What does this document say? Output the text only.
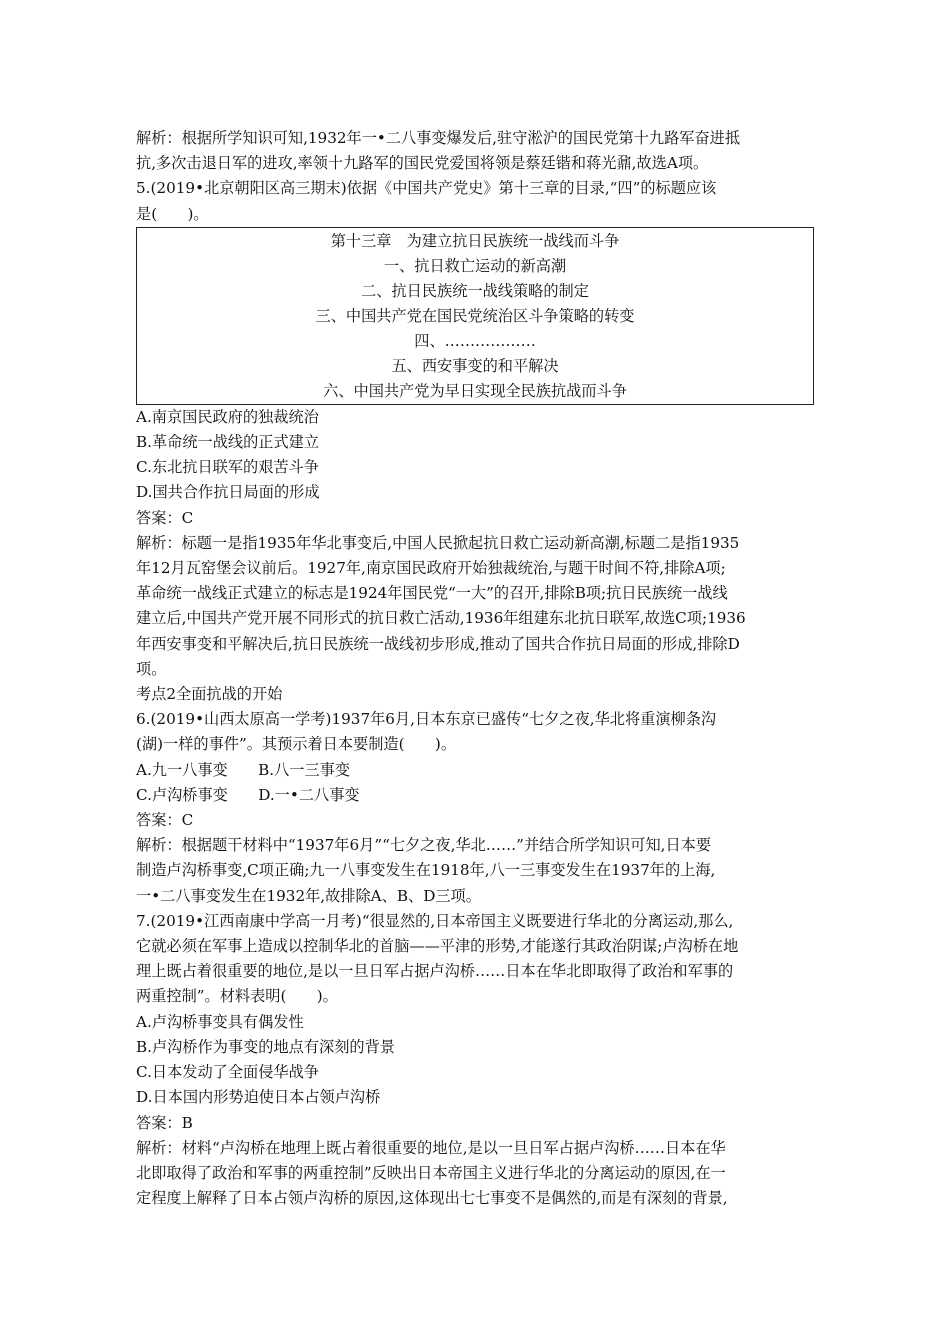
解析：根据所学知识可知,1932年一•二八事变爆发后,驻守淞沪的国民党第十九路军奋进抵
抗,多次击退日军的进攻,率领十九路军的国民党爱国将领是蔡廷锴和蒋光鼐,故选A项。
5.(2019•北京朝阳区高三期末)依据《中国共产党史》第十三章的目录,“四”的标题应该
是(　　)。
第十三章　为建立抗日民族统一战线而斗争
一、抗日救亡运动的新高潮
二、抗日民族统一战线策略的制定
三、中国共产党在国民党统治区斗争策略的转变
四、………………
五、西安事变的和平解决
六、中国共产党为早日实现全民族抗战而斗争
A.南京国民政府的独裁统治
B.革命统一战线的正式建立
C.东北抗日联军的艰苦斗争
D.国共合作抗日局面的形成
答案：C
解析：标题一是指1935年华北事变后,中国人民掀起抗日救亡运动新高潮,标题二是指1935
年12月瓦窑堡会议前后。1927年,南京国民政府开始独裁统治,与题干时间不符,排除A项;
革命统一战线正式建立的标志是1924年国民党“一大”的召开,排除B项;抗日民族统一战线
建立后,中国共产党开展不同形式的抗日救亡活动,1936年组建东北抗日联军,故选C项;1936
年西安事变和平解决后,抗日民族统一战线初步形成,推动了国共合作抗日局面的形成,排除D
项。
考点2全面抗战的开始
6.(2019•山西太原高一学考)1937年6月,日本东京已盛传“七夕之夜,华北将重演柳条沟
(湖)一样的事件”。其预示着日本要制造(　　)。
A.九一八事变　　B.八一三事变
C.卢沟桥事变　　D.一•二八事变
答案：C
解析：根据题干材料中“1937年6月”“七夕之夜,华北……”并结合所学知识可知,日本要
制造卢沟桥事变,C项正确;九一八事变发生在1918年,八一三事变发生在1937年的上海,
一•二八事变发生在1932年,故排除A、B、D三项。
7.(2019•江西南康中学高一月考)“很显然的,日本帝国主义既要进行华北的分离运动,那么,
它就必须在军事上造成以控制华北的首脑——平津的形势,才能遂行其政治阴谋;卢沟桥在地
理上既占着很重要的地位,是以一旦日军占据卢沟桥……日本在华北即取得了政治和军事的
两重控制”。材料表明(　　)。
A.卢沟桥事变具有偶发性
B.卢沟桥作为事变的地点有深刻的背景
C.日本发动了全面侵华战争
D.日本国内形势迫使日本占领卢沟桥
答案：B
解析：材料“卢沟桥在地理上既占着很重要的地位,是以一旦日军占据卢沟桥……日本在华
北即取得了政治和军事的两重控制”反映出日本帝国主义进行华北的分离运动的原因,在一
定程度上解释了日本占领卢沟桥的原因,这体现出七七事变不是偶然的,而是有深刻的背景,
